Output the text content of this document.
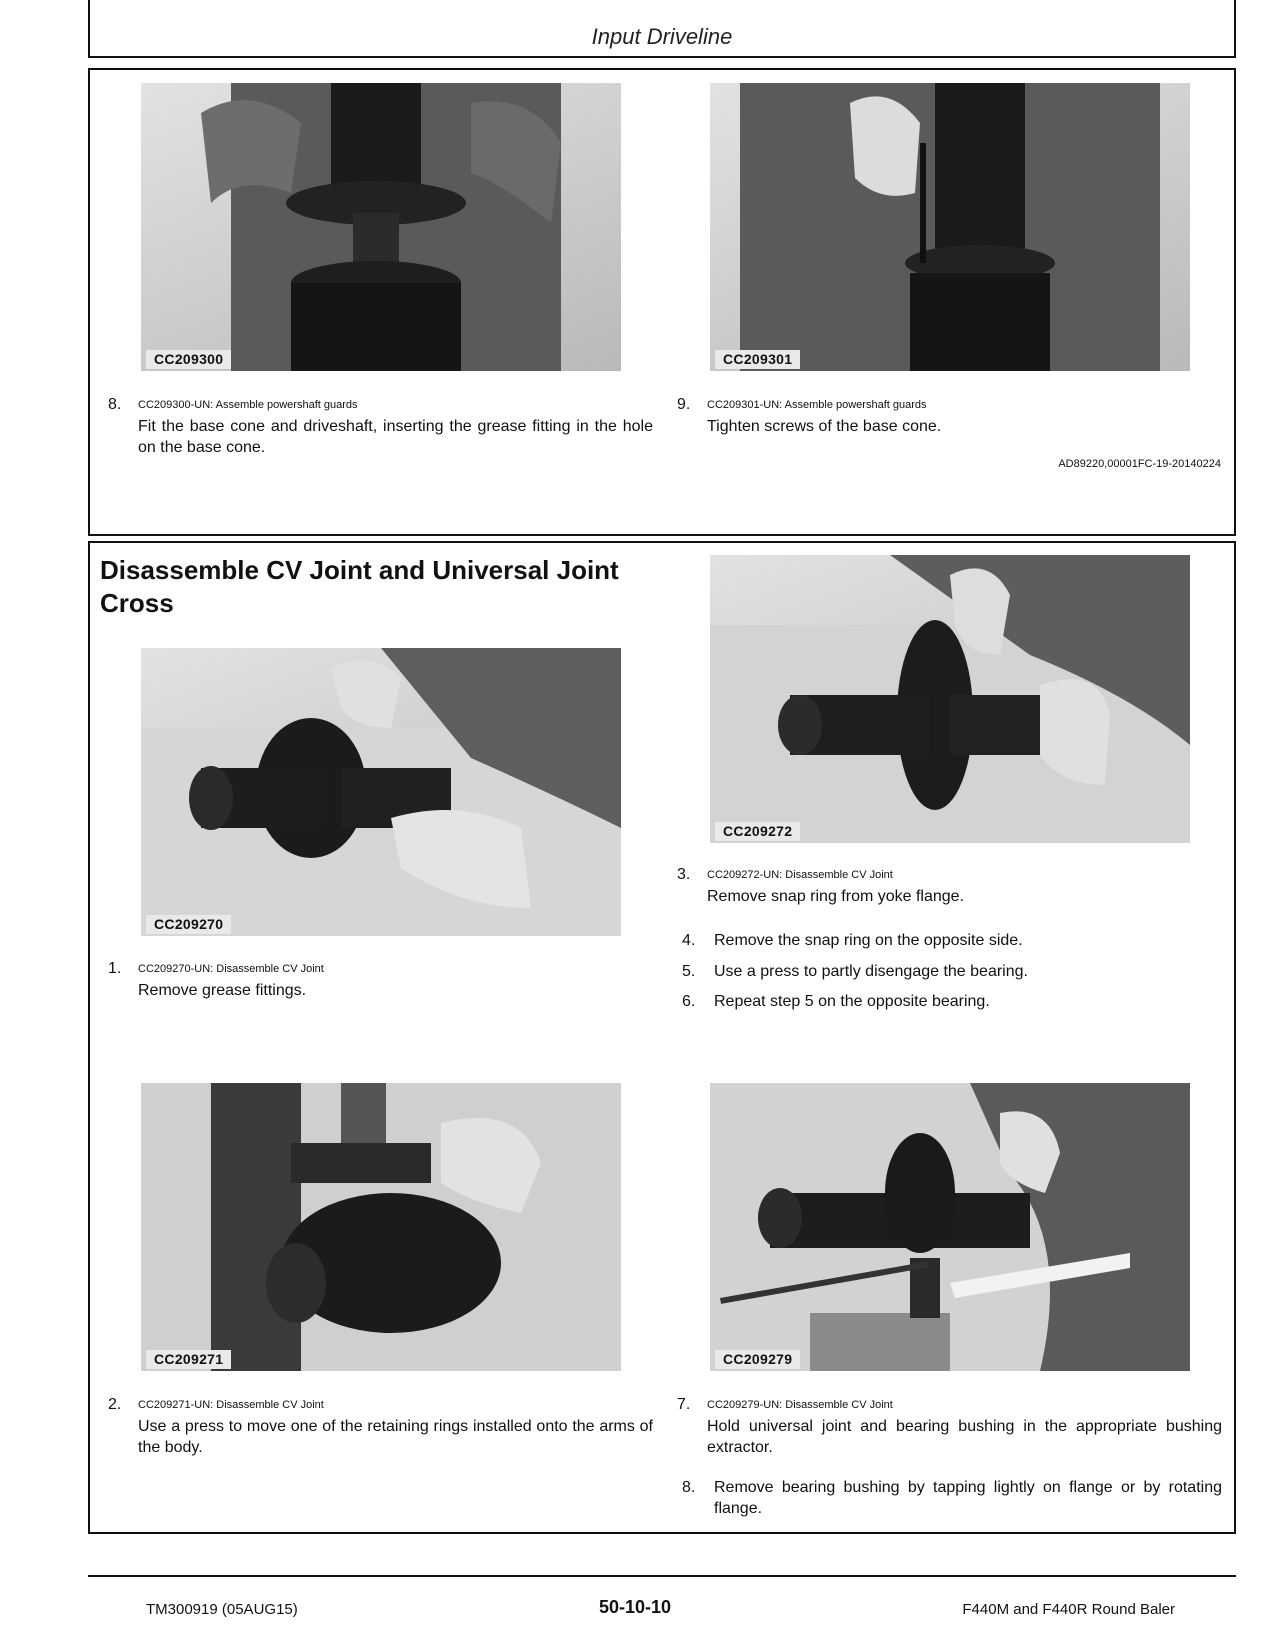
Input Driveline
CC209300	CC209301
8. CC209300-UN: Assemble powershaft guards
Fit the base cone and driveshaft, inserting the grease fitting in the hole on the base cone.
9. CC209301-UN: Assemble powershaft guards
Tighten screws of the base cone.
AD89220,00001FC-19-20140224
Disassemble CV Joint and Universal Joint Cross
CC209270
CC209272
3. CC209272-UN: Disassemble CV Joint
Remove snap ring from yoke flange.
4. Remove the snap ring on the opposite side.
5. Use a press to partly disengage the bearing.
6. Repeat step 5 on the opposite bearing.
1. CC209270-UN: Disassemble CV Joint
Remove grease fittings.
CC209271	CC209279
2. CC209271-UN: Disassemble CV Joint
Use a press to move one of the retaining rings installed onto the arms of the body.
7. CC209279-UN: Disassemble CV Joint
Hold universal joint and bearing bushing in the appropriate bushing extractor.
8. Remove bearing bushing by tapping lightly on flange or by rotating flange.
TM300919 (05AUG15)	50-10-10	F440M and F440R Round Baler
